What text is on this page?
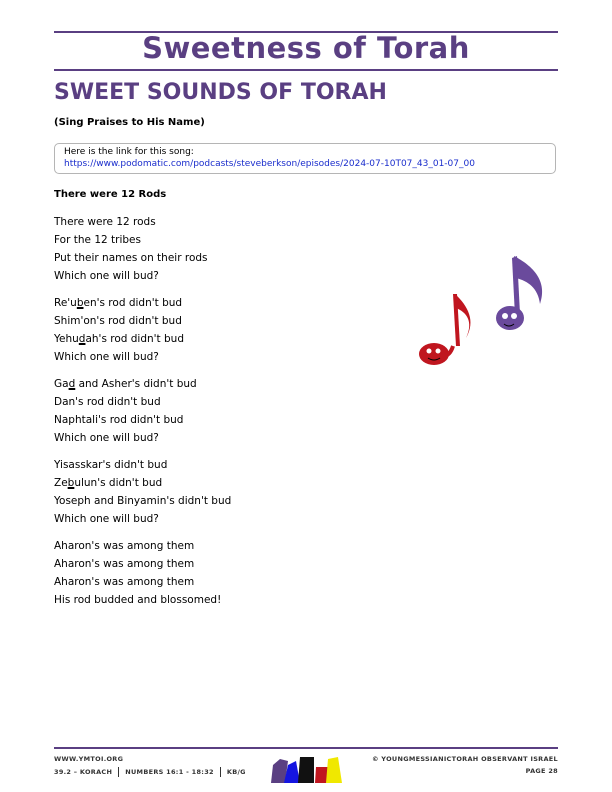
Sweetness of Torah
SWEET SOUNDS OF TORAH
(Sing Praises to His Name)
Here is the link for this song:
https://www.podomatic.com/podcasts/steveberkson/episodes/2024-07-10T07_43_01-07_00
There were 12 Rods
There were 12 rods
For the 12 tribes
Put their names on their rods
Which one will bud?
Re'uben's rod didn't bud
Shim'on's rod didn't bud
Yehudah's rod didn't bud
Which one will bud?
Gad and Asher's didn't bud
Dan's rod didn't bud
Naphtali's rod didn't bud
Which one will bud?
Yisasskar's didn't bud
Zebulun's didn't bud
Yoseph and Binyamin's didn't bud
Which one will bud?
Aharon's was among them
Aharon's was among them
Aharon's was among them
His rod budded and blossomed!
WWW.YMTOI.ORG
39.2 – KORACH NUMBERS 16:1 - 18:32 KB/G
© YOUNGMESSIANICTORAH OBSERVANT ISRAEL
PAGE 28
